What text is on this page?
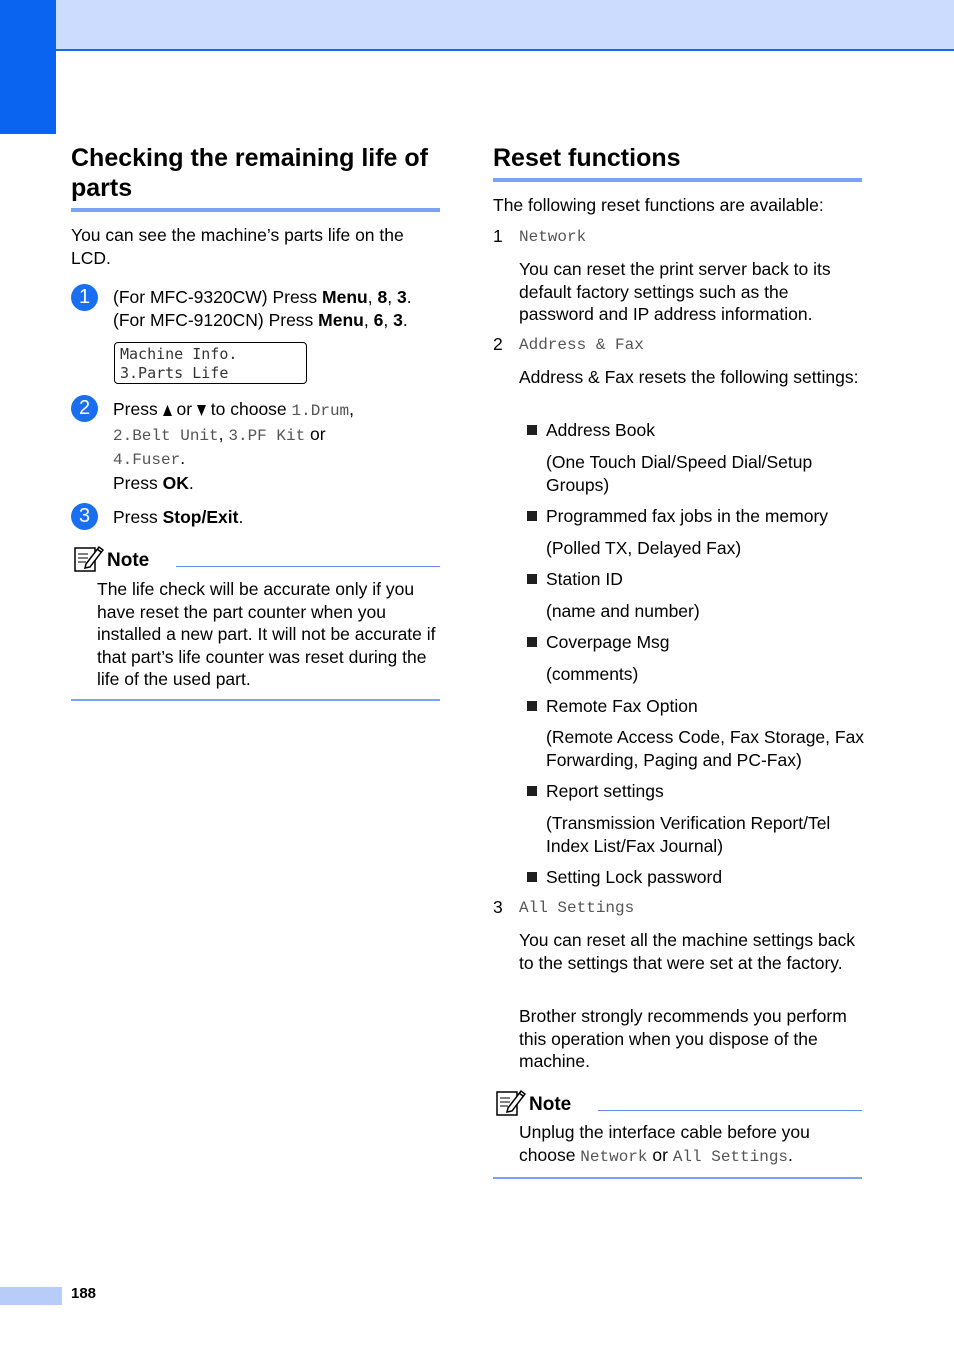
Checking the remaining life of parts

You can see the machine’s parts life on the LCD.

1	(For MFC-9320CW) Press Menu, 8, 3.
(For MFC-9120CN) Press Menu, 6, 3.
Machine Info.
3.Parts Life
2	Press  or  to choose 1.Drum,
2.Belt Unit, 3.PF Kit or
4.Fuser.
Press OK.
3	Press Stop/Exit.
Note

The life check will be accurate only if you have reset the part counter when you installed a new part. It will not be accurate if that part’s life counter was reset during the life of the used part.

Reset functions

The following reset functions are available:

1 Network

You can reset the print server back to its default factory settings such as the password and IP address information.

2 Address & Fax

Address & Fax resets the following settings:

Address Book

(One Touch Dial/Speed Dial/Setup Groups)

Programmed fax jobs in the memory

(Polled TX, Delayed Fax)

Station ID

(name and number)

Coverpage Msg

(comments)

Remote Fax Option

(Remote Access Code, Fax Storage, Fax Forwarding, Paging and PC-Fax)

Report settings

(Transmission Verification Report/Tel Index List/Fax Journal)

Setting Lock password
3 All Settings

You can reset all the machine settings back to the settings that were set at the factory.

Brother strongly recommends you perform this operation when you dispose of the machine.

Note

Unplug the interface cable before you choose Network or All Settings.

188
